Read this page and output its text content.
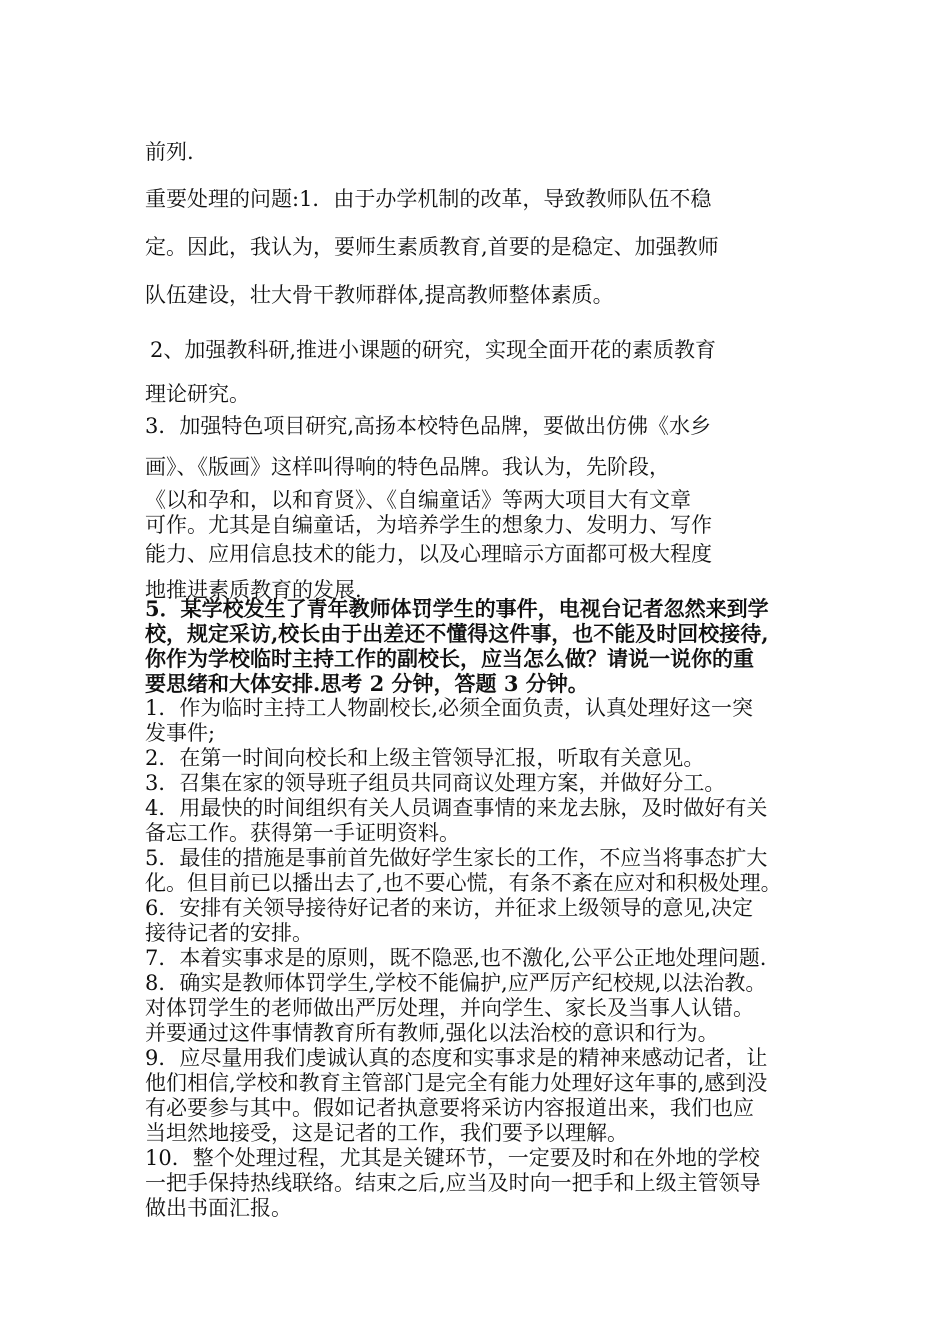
前列.
重要处理的问题:1．由于办学机制的改革，导致教师队伍不稳
定。因此，我认为，要师生素质教育,首要的是稳定、加强教师
队伍建设，壮大骨干教师群体,提高教师整体素质。
2、加强教科研,推进小课题的研究，实现全面开花的素质教育
理论研究。
3．加强特色项目研究,高扬本校特色品牌，要做出仿佛《水乡
画》、《版画》这样叫得响的特色品牌。我认为，先阶段，
《以和孕和，以和育贤》、《自编童话》等两大项目大有文章
可作。尤其是自编童话，为培养学生的想象力、发明力、写作
能力、应用信息技术的能力，以及心理暗示方面都可极大程度
地推进素质教育的发展.
5．某学校发生了青年教师体罚学生的事件，电视台记者忽然来到学
校，规定采访,校长由于出差还不懂得这件事，也不能及时回校接待,
你作为学校临时主持工作的副校长，应当怎么做？请说一说你的重
要思绪和大体安排.思考 2 分钟，答题 3 分钟。
1．作为临时主持工人物副校长,必须全面负责，认真处理好这一突
发事件;
2．在第一时间向校长和上级主管领导汇报，听取有关意见。
3．召集在家的领导班子组员共同商议处理方案，并做好分工。
4．用最快的时间组织有关人员调查事情的来龙去脉，及时做好有关
备忘工作。获得第一手证明资料。
5．最佳的措施是事前首先做好学生家长的工作，不应当将事态扩大
化。但目前已以播出去了,也不要心慌，有条不紊在应对和积极处理。
6．安排有关领导接待好记者的来访，并征求上级领导的意见,决定
接待记者的安排。
7．本着实事求是的原则，既不隐恶,也不激化,公平公正地处理问题.
8．确实是教师体罚学生,学校不能偏护,应严厉产纪校规,以法治教。
对体罚学生的老师做出严厉处理，并向学生、家长及当事人认错。
并要通过这件事情教育所有教师,强化以法治校的意识和行为。
9．应尽量用我们虔诚认真的态度和实事求是的精神来感动记者，让
他们相信,学校和教育主管部门是完全有能力处理好这年事的,感到没
有必要参与其中。假如记者执意要将采访内容报道出来，我们也应
当坦然地接受，这是记者的工作，我们要予以理解。
10．整个处理过程，尤其是关键环节，一定要及时和在外地的学校
一把手保持热线联络。结束之后,应当及时向一把手和上级主管领导
做出书面汇报。
